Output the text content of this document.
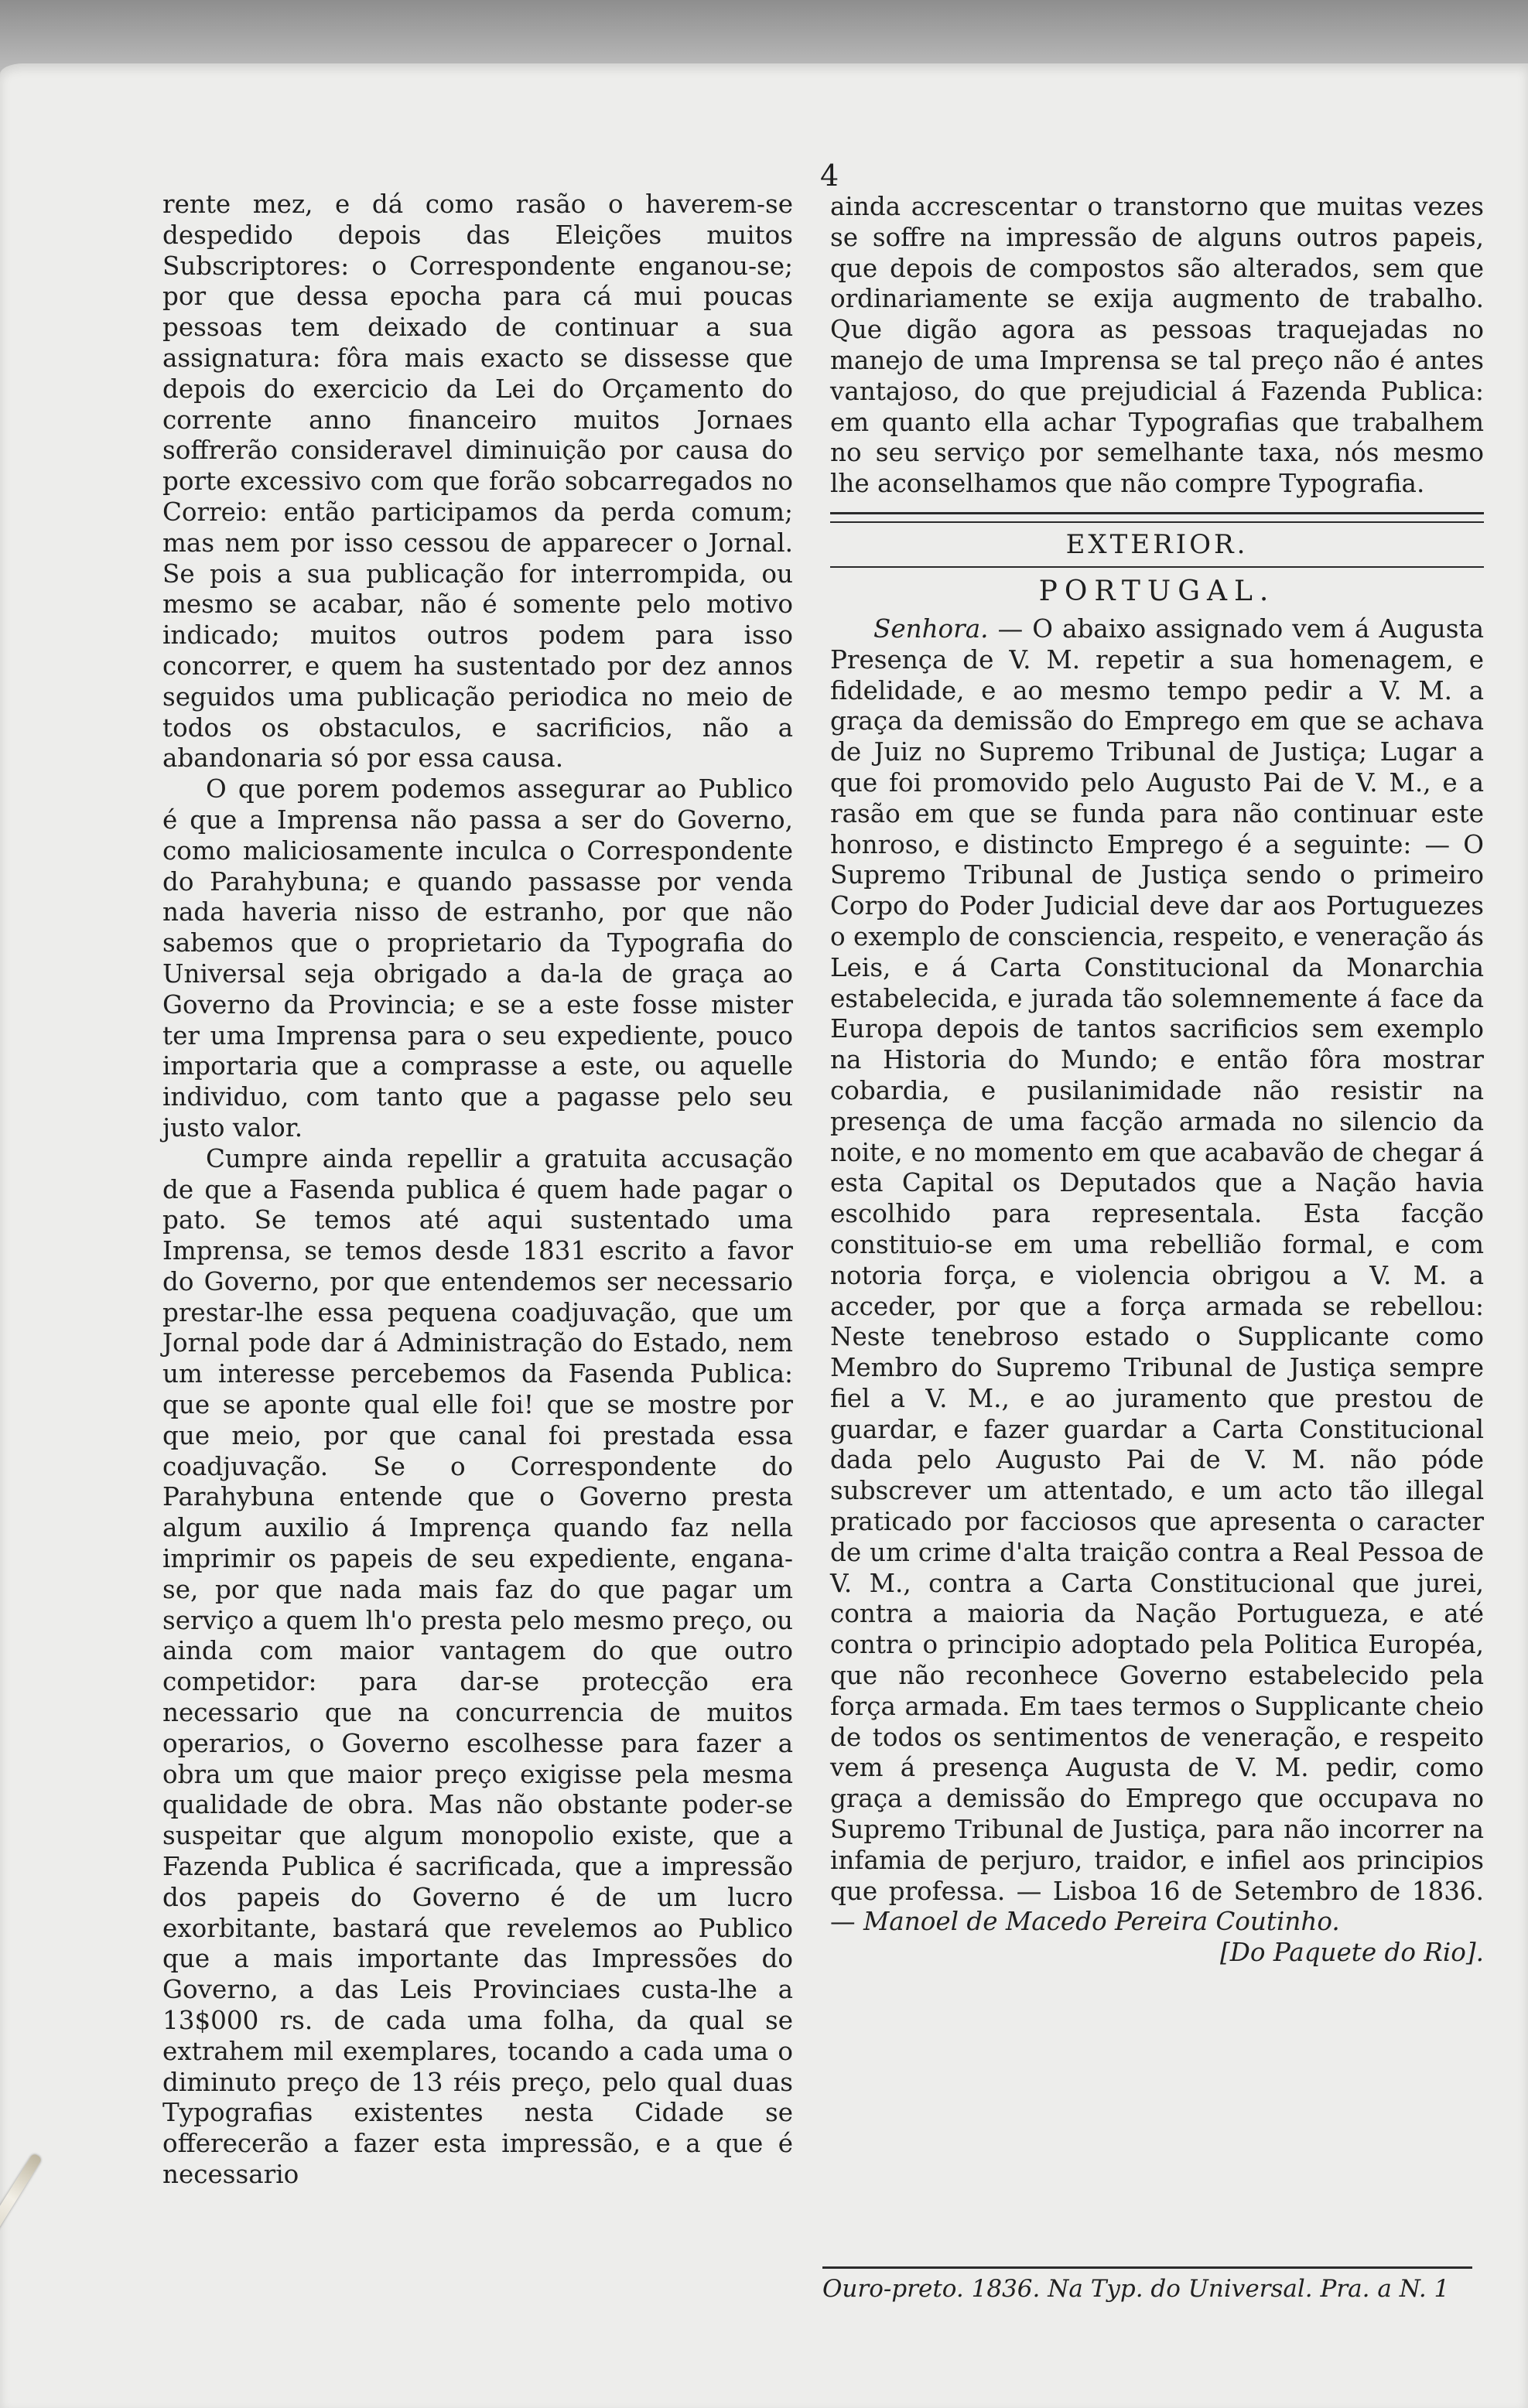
4

rente mez, e dá como rasão o haverem-se despedido depois das Eleições muitos Subscriptores: o Correspondente enganou-se; por que dessa epocha para cá mui poucas pessoas tem deixado de continuar a sua assignatura: fôra mais exacto se dissesse que depois do exercicio da Lei do Orçamento do corrente anno financeiro muitos Jornaes soffrerão consideravel diminuição por causa do porte excessivo com que forão sobcarregados no Correio: então participamos da perda comum; mas nem por isso cessou de apparecer o Jornal. Se pois a sua publicação for interrompida, ou mesmo se acabar, não é somente pelo motivo indicado; muitos outros podem para isso concorrer, e quem ha sustentado por dez annos seguidos uma publicação periodica no meio de todos os obstaculos, e sacrificios, não a abandonaria só por essa causa.

O que porem podemos assegurar ao Publico é que a Imprensa não passa a ser do Governo, como maliciosamente inculca o Correspondente do Parahybuna; e quando passasse por venda nada haveria nisso de estranho, por que não sabemos que o proprietario da Typografia do Universal seja obrigado a da-la de graça ao Governo da Provincia; e se a este fosse mister ter uma Imprensa para o seu expediente, pouco importaria que a comprasse a este, ou aquelle individuo, com tanto que a pagasse pelo seu justo valor.

Cumpre ainda repellir a gratuita accusação de que a Fasenda publica é quem hade pagar o pato. Se temos até aqui sustentado uma Imprensa, se temos desde 1831 escrito a favor do Governo, por que entendemos ser necessario prestar-lhe essa pequena coadjuvação, que um Jornal pode dar á Administração do Estado, nem um interesse percebemos da Fasenda Publica: que se aponte qual elle foi! que se mostre por que meio, por que canal foi prestada essa coadjuvação. Se o Correspondente do Parahybuna entende que o Governo presta algum auxilio á Imprença quando faz nella imprimir os papeis de seu expediente, engana-se, por que nada mais faz do que pagar um serviço a quem lh'o presta pelo mesmo preço, ou ainda com maior vantagem do que outro competidor: para dar-se protecção era necessario que na concurrencia de muitos operarios, o Governo escolhesse para fazer a obra um que maior preço exigisse pela mesma qualidade de obra. Mas não obstante poder-se suspeitar que algum monopolio existe, que a Fazenda Publica é sacrificada, que a impressão dos papeis do Governo é de um lucro exorbitante, bastará que revelemos ao Publico que a mais importante das Impressões do Governo, a das Leis Provinciaes custa-lhe a 13$000 rs. de cada uma folha, da qual se extrahem mil exemplares, tocando a cada uma o diminuto preço de 13 réis preço, pelo qual duas Typografias existentes nesta Cidade se offerecerão a fazer esta impressão, e a que é necessario

ainda accrescentar o transtorno que muitas vezes se soffre na impressão de alguns outros papeis, que depois de compostos são alterados, sem que ordinariamente se exija augmento de trabalho. Que digão agora as pessoas traquejadas no manejo de uma Imprensa se tal preço não é antes vantajoso, do que prejudicial á Fazenda Publica: em quanto ella achar Typografias que trabalhem no seu serviço por semelhante taxa, nós mesmo lhe aconselhamos que não compre Typografia.

EXTERIOR.
PORTUGAL.

Senhora. — O abaixo assignado vem á Augusta Presença de V. M. repetir a sua homenagem, e fidelidade, e ao mesmo tempo pedir a V. M. a graça da demissão do Emprego em que se achava de Juiz no Supremo Tribunal de Justiça; Lugar a que foi promovido pelo Augusto Pai de V. M., e a rasão em que se funda para não continuar este honroso, e distincto Emprego é a seguinte: — O Supremo Tribunal de Justiça sendo o primeiro Corpo do Poder Judicial deve dar aos Portuguezes o exemplo de consciencia, respeito, e veneração ás Leis, e á Carta Constitucional da Monarchia estabelecida, e jurada tão solemnemente á face da Europa depois de tantos sacrificios sem exemplo na Historia do Mundo; e então fôra mostrar cobardia, e pusilanimidade não resistir na presença de uma facção armada no silencio da noite, e no momento em que acabavão de chegar á esta Capital os Deputados que a Nação havia escolhido para representala. Esta facção constituio-se em uma rebellião formal, e com notoria força, e violencia obrigou a V. M. a acceder, por que a força armada se rebellou: Neste tenebroso estado o Supplicante como Membro do Supremo Tribunal de Justiça sempre fiel a V. M., e ao juramento que prestou de guardar, e fazer guardar a Carta Constitucional dada pelo Augusto Pai de V. M. não póde subscrever um attentado, e um acto tão illegal praticado por facciosos que apresenta o caracter de um crime d'alta traição contra a Real Pessoa de V. M., contra a Carta Constitucional que jurei, contra a maioria da Nação Portugueza, e até contra o principio adoptado pela Politica Européa, que não reconhece Governo estabelecido pela força armada. Em taes termos o Supplicante cheio de todos os sentimentos de veneração, e respeito vem á presença Augusta de V. M. pedir, como graça a demissão do Emprego que occupava no Supremo Tribunal de Justiça, para não incorrer na infamia de perjuro, traidor, e infiel aos principios que professa. — Lisboa 16 de Setembro de 1836. — Manoel de Macedo Pereira Coutinho.

[Do Paquete do Rio].
Ouro-preto. 1836. Na Typ. do Universal. Pra. a N. 1
